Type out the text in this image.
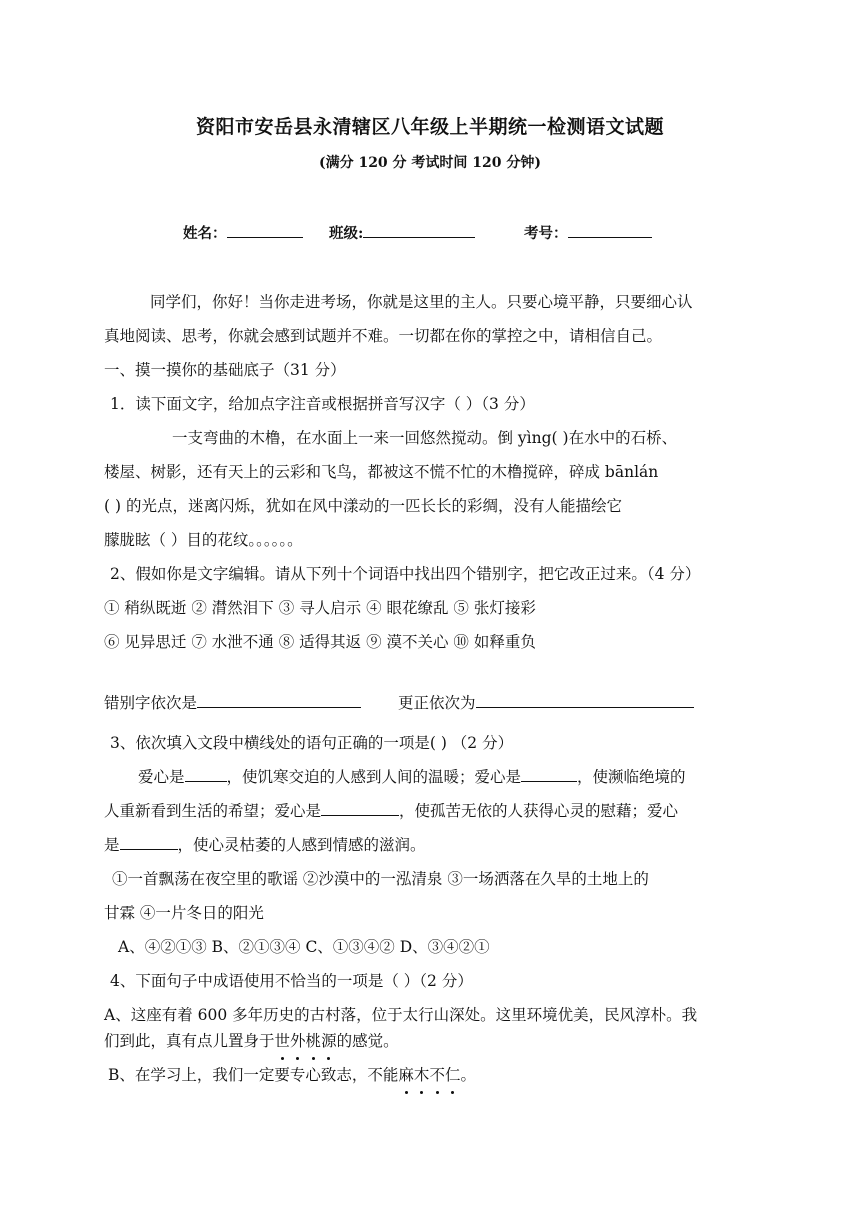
资阳市安岳县永清辖区八年级上半期统一检测语文试题
(满分 120 分 考试时间 120 分钟)
姓名：	班级:	考号：
同学们，你好！当你走进考场，你就是这里的主人。只要心境平静，只要细心认
真地阅读、思考，你就会感到试题并不难。一切都在你的掌控之中，请相信自己。
一、摸一摸你的基础底子（31 分）
1．读下面文字，给加点字注音或根据拼音写汉字（ ）（3 分）
一支弯曲的木橹，在水面上一来一回悠然搅动。倒 yìng( )在水中的石桥、
楼屋、树影，还有天上的云彩和飞鸟，都被这不慌不忙的木橹搅碎，碎成 bānlán
( ) 的光点，迷离闪烁，犹如在风中漾动的一匹长长的彩绸，没有人能描绘它
朦胧眩（ ）目的花纹。。。。。。
2、假如你是文字编辑。请从下列十个词语中找出四个错别字，把它改正过来。（4 分）
① 稍纵既逝 ② 潸然泪下 ③ 寻人启示 ④ 眼花缭乱 ⑤ 张灯接彩
⑥ 见异思迁 ⑦ 水泄不通 ⑧ 适得其返 ⑨ 漠不关心 ⑩ 如释重负
错别字依次是	更正依次为
3、依次填入文段中横线处的语句正确的一项是( ) （2 分）
爱心是	，使饥寒交迫的人感到人间的温暖；爱心是	，使濒临绝境的
人重新看到生活的希望；爱心是	，使孤苦无依的人获得心灵的慰藉；爱心
是	，使心灵枯萎的人感到情感的滋润。
①一首飘荡在夜空里的歌谣 ②沙漠中的一泓清泉 ③一场洒落在久旱的土地上的
甘霖 ④一片冬日的阳光
A、④②①③ B、②①③④ C、①③④② D、③④②①
4、下面句子中成语使用不恰当的一项是（ ）（2 分）
A、这座有着 600 多年历史的古村落，位于太行山深处。这里环境优美，民风淳朴。我
们到此，真有点儿置身于世外桃源的感觉。
B、在学习上，我们一定要专心致志，不能麻木不仁。
